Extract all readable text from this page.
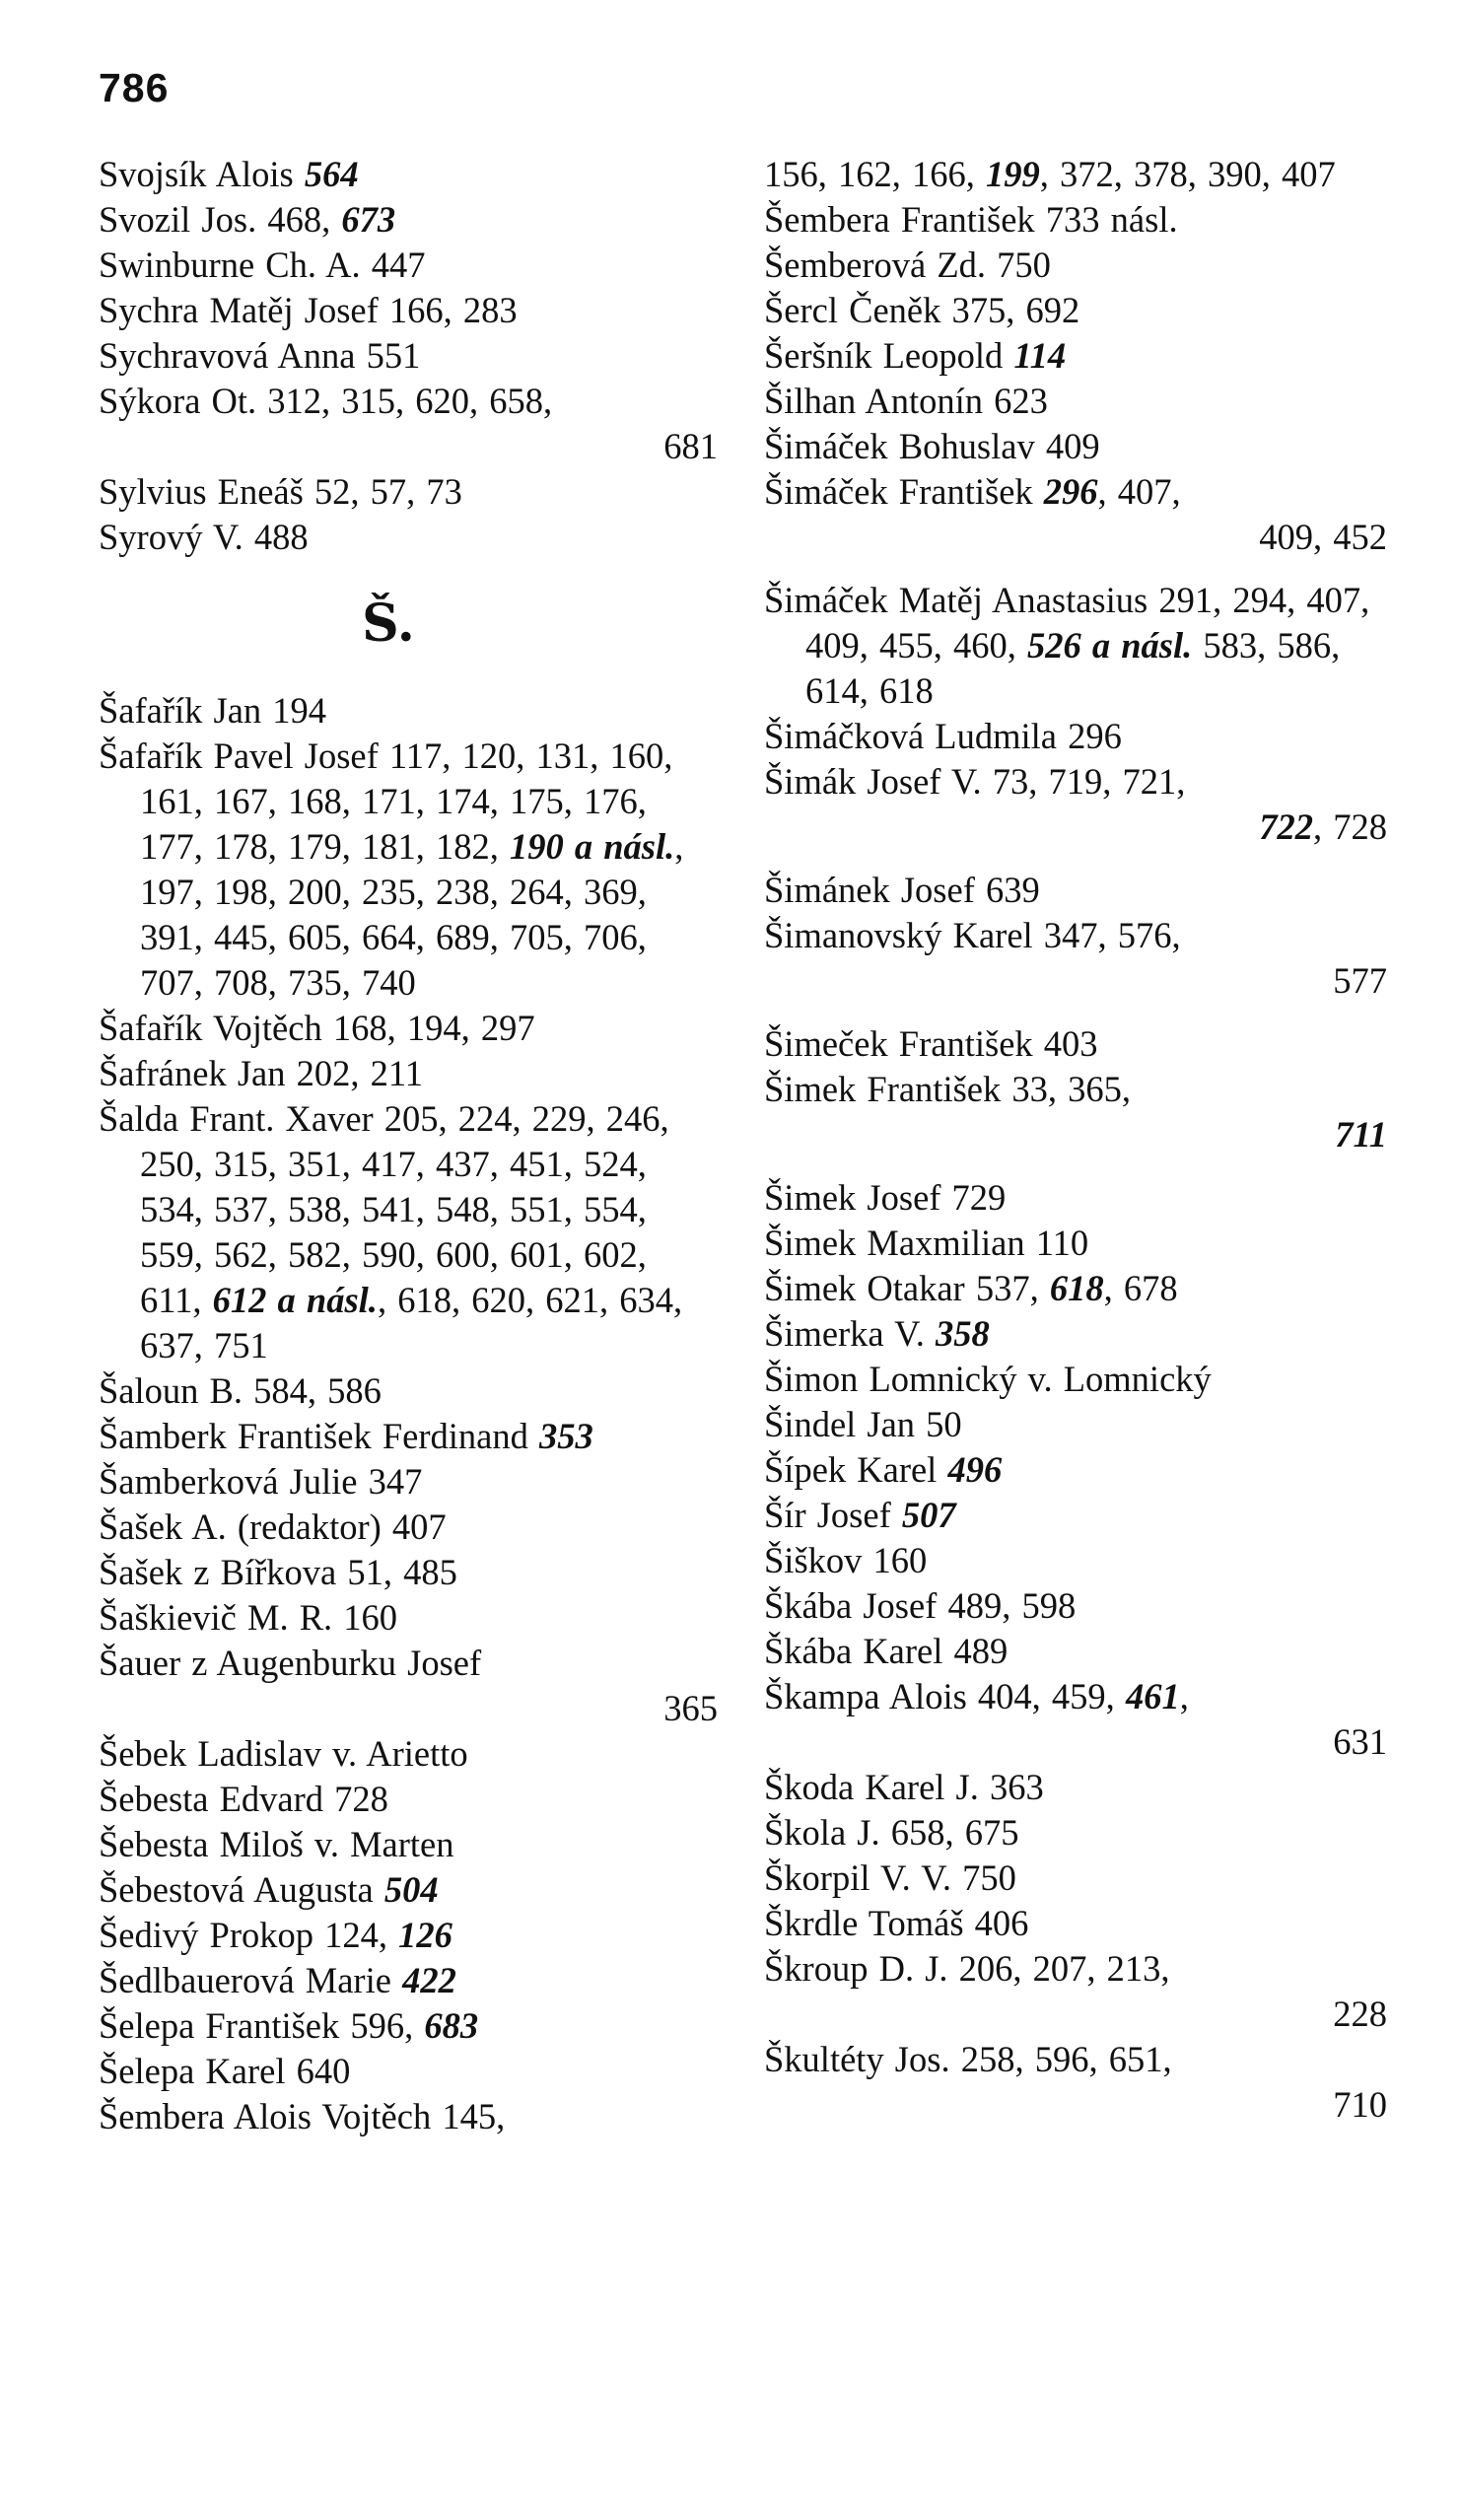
786
Svojsík Alois 564
Svozil Jos. 468, 673
Swinburne Ch. A. 447
Sychra Matěj Josef 166, 283
Sychravová Anna 551
Sýkora Ot. 312, 315, 620, 658,
681
Sylvius Eneáš 52, 57, 73
Syrový V. 488
Š.
Šafařík Jan 194
Šafařík Pavel Josef 117, 120, 131, 160, 161, 167, 168, 171, 174, 175, 176, 177, 178, 179, 181, 182, 190 a násl., 197, 198, 200, 235, 238, 264, 369, 391, 445, 605, 664, 689, 705, 706, 707, 708, 735, 740
Šafařík Vojtěch 168, 194, 297
Šafránek Jan 202, 211
Šalda Frant. Xaver 205, 224, 229, 246, 250, 315, 351, 417, 437, 451, 524, 534, 537, 538, 541, 548, 551, 554, 559, 562, 582, 590, 600, 601, 602, 611, 612 a násl., 618, 620, 621, 634, 637, 751
Šaloun B. 584, 586
Šamberk František Ferdinand 353
Šamberková Julie 347
Šašek A. (redaktor) 407
Šašek z Bířkova 51, 485
Šaškievič M. R. 160
Šauer z Augenburku Josef
365
Šebek Ladislav v. Arietto
Šebesta Edvard 728
Šebesta Miloš v. Marten
Šebestová Augusta 504
Šedivý Prokop 124, 126
Šedlbauerová Marie 422
Šelepa František 596, 683
Šelepa Karel 640
Šembera Alois Vojtěch 145,
156, 162, 166, 199, 372, 378, 390, 407
Šembera František 733 násl.
Šemberová Zd. 750
Šercl Čeněk 375, 692
Šeršník Leopold 114
Šilhan Antonín 623
Šimáček Bohuslav 409
Šimáček František 296, 407,
409, 452
Šimáček Matěj Anastasius 291, 294, 407, 409, 455, 460, 526 a násl. 583, 586, 614, 618
Šimáčková Ludmila 296
Šimák Josef V. 73, 719, 721,
722, 728
Šimánek Josef 639
Šimanovský Karel 347, 576,
577
Šimeček František 403
Šimek František 33, 365,
711
Šimek Josef 729
Šimek Maxmilian 110
Šimek Otakar 537, 618, 678
Šimerka V. 358
Šimon Lomnický v. Lomnický
Šindel Jan 50
Šípek Karel 496
Šír Josef 507
Šiškov 160
Škába Josef 489, 598
Škába Karel 489
Škampa Alois 404, 459, 461,
631
Škoda Karel J. 363
Škola J. 658, 675
Škorpil V. V. 750
Škrdle Tomáš 406
Škroup D. J. 206, 207, 213,
228
Škultéty Jos. 258, 596, 651,
710
